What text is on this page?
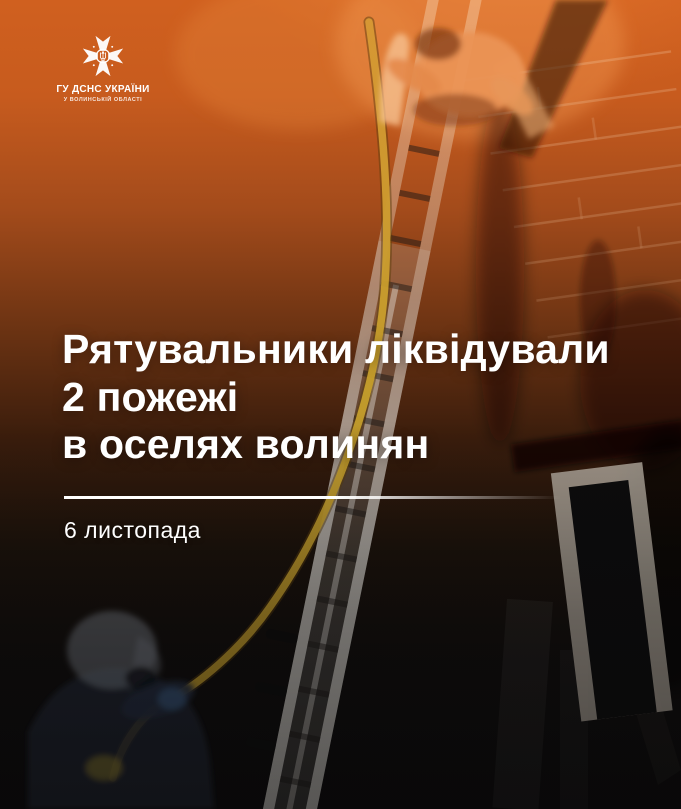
ГУ ДСНС УКРАЇНИ
У ВОЛИНСЬКІЙ ОБЛАСТІ
Рятувальники ліквідували
2 пожежі
в оселях волинян
6 листопада
